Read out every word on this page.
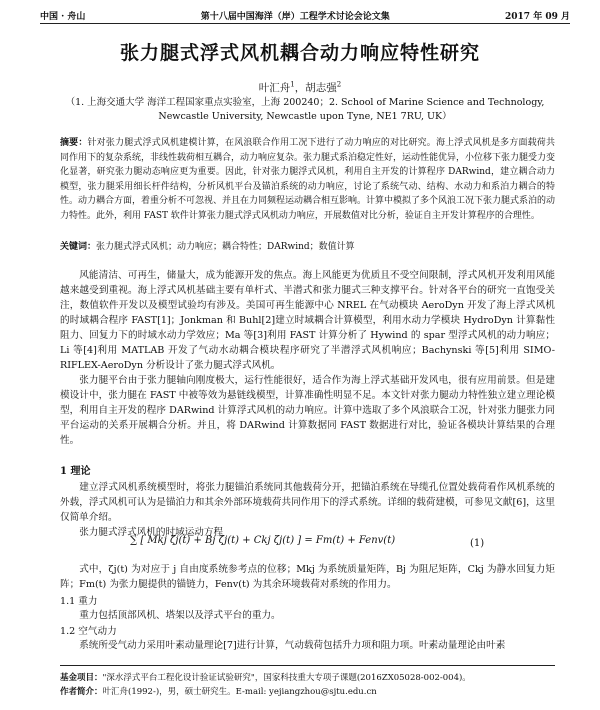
中国 · 舟山	第十八届中国海洋（岸）工程学术讨论会论文集	2017 年 09 月
张力腿式浮式风机耦合动力响应特性研究
叶汇舟$^1$，胡志强$^2$
（1. 上海交通大学 海洋工程国家重点实验室，上海 200240；2. School of Marine Science and Technology,
Newcastle University, Newcastle upon Tyne, NE1 7RU, UK）
摘要：针对张力腿式浮式风机建模计算，在风浪联合作用工况下进行了动力响应的对比研究。海上浮式风机是多方面载荷共同作用下的复杂系统，非线性载荷相互耦合，动力响应复杂。张力腿式系泊稳定性好，运动性能优异，小位移下张力腿受力变化显著，研究张力腿动态响应更为重要。因此，针对张力腿浮式风机，利用自主开发的计算程序 DARwind，建立耦合动力模型，张力腿采用细长杆件结构，分析风机平台及锚泊系统的动力响应，讨论了系统气动、结构、水动力和系泊力耦合的特性。动力耦合方面，着重分析不可忽视、并且在力同频程运动耦合相互影响。计算中模拟了多个风浪工况下张力腿式系泊的动力特性。此外，利用 FAST 软件计算张力腿式浮式风机动力响应，开展数值对比分析，验证自主开发计算程序的合理性。
关键词：张力腿式浮式风机；动力响应；耦合特性；DARwind；数值计算

风能清洁、可再生，储量大，成为能源开发的焦点。海上风能更为优质且不受空间限制，浮式风机开发利用风能越来越受到重视。海上浮式风机基础主要有单杆式、半潜式和张力腿式三种支撑平台。针对各平台的研究一直饱受关注，数值软件开发以及模型试验均有涉及。美国可再生能源中心 NREL 在气动模块 AeroDyn 开发了海上浮式风机的时域耦合程序 FAST[1]；Jonkman 和 Buhl[2]建立时域耦合计算模型，利用水动力学模块 HydroDyn 计算黏性阻力、回复力下的时域水动力学效应；Ma 等[3]利用 FAST 计算分析了 Hywind 的 spar 型浮式风机的动力响应；Li 等[4]利用 MATLAB 开发了气动水动耦合模块程序研究了半潜浮式风机响应；Bachynski 等[5]利用 SIMO-RIFLEX-AeroDyn 分析设计了张力腿式浮式风机。

张力腿平台由于张力腿轴向刚度极大，运行性能很好，适合作为海上浮式基础开发风电，很有应用前景。但是建模设计中，张力腿在 FAST 中被等效为悬链线模型，计算准确性明显不足。本文针对张力腿动力特性独立建立理论模型，利用自主开发的程序 DARwind 计算浮式风机的动力响应。计算中选取了多个风浪联合工况，针对张力腿张力同平台运动的关系开展耦合分析。并且，将 DARwind 计算数据同 FAST 数据进行对比，验证各模块计算结果的合理性。

1 理论

建立浮式风机系统模型时，将张力腿锚泊系统同其他载荷分开，把锚泊系统在导缆孔位置处载荷看作风机系统的外载，浮式风机可认为是锚泊力和其余外部环境载荷共同作用下的浮式系统。详细的载荷建模，可参见文献[6]，这里仅简单介绍。

张力腿式浮式风机的时域运动方程

∑ [ Mkj ζ̈j(t) + Bj ζ̇j(t) + Ckj ζj(t) ] = Fm(t) + Fenv(t)	(1)

式中，ζj(t) 为对应于 j 自由度系统参考点的位移；Mkj 为系统质量矩阵，Bj 为阻尼矩阵，Ckj 为静水回复力矩阵；Fm(t) 为张力腿提供的锚链力，Fenv(t) 为其余环境载荷对系统的作用力。

1.1 重力

重力包括顶部风机、塔架以及浮式平台的重力。

1.2 空气动力

系统所受气动力采用叶素动量理论[7]进行计算，气动载荷包括升力项和阻力项。叶素动量理论由叶素

基金项目："深水浮式平台工程化设计验证试验研究"，国家科技重大专项子课题(2016ZX05028-002-004)。
作者简介：叶汇舟(1992-)，男，硕士研究生。E-mail: yejiangzhou@sjtu.edu.cn
